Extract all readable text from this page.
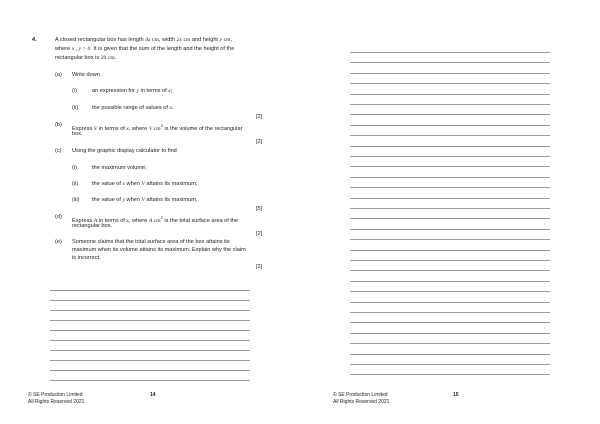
4.	A closed rectangular box has length 4x cm, width 2x cm and height y cm,
where x , y > 0. It is given that the sum of the length and the height of the
rectangular box is 20 cm.
(a) Write down
(i)	an expression for y in terms of x;
(ii) the possible range of values of x.
[2]
(b)
Express V in terms of x, where V $cm^3$ is the volume of the rectangular
box.
[2]
(c) Using the graphic display calculator to find
(i)	the maximum volume;
(ii) the value of x when V attains its maximum;
(iii) the value of y when V attains its maximum.
[5]
(d)
Express A in terms of x, where A $cm^2$ is the total surface area of the
rectangular box.
[2]
(e) Someone claims that the total surface area of the box attains its
maximum when its volume attains its maximum. Explain why the claim
is incorrect.
[2]
© SE Production Limited
All Rights Reserved 2021
14	© SE Production Limited
All Rights Reserved 2021
15
